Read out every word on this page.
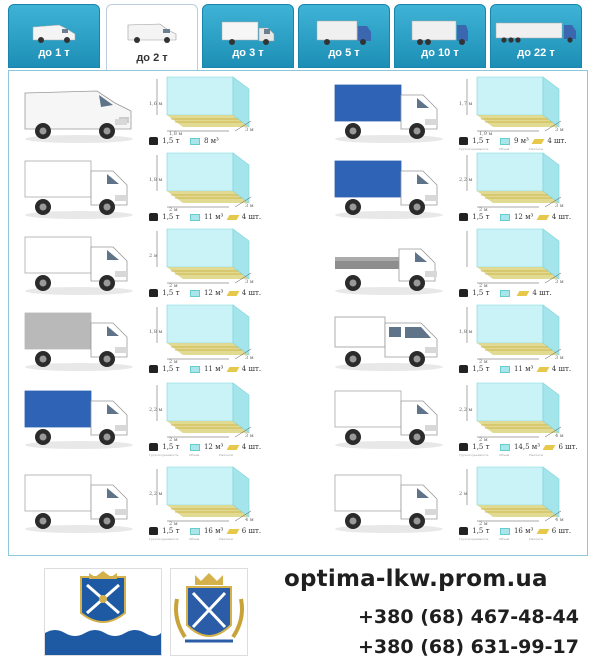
до 1 т	до 2 т	до 3 т	до 5 т	до 10 т	до 22 т
1,6 м
1,8 м
3 м
1,5 т	8 м³
1,7 м
1,9 м
3 м
1,5 т	9 м³	4 шт.
Грузоподъемность	Объем	Паллеты
1,8 м
2 м
3 м
1,5 т	11 м³	4 шт.
2,2 м
2 м
3 м
1,5 т	12 м³	4 шт.
2 м
2 м
3 м
1,5 т	12 м³	4 шт.
2 м
3 м
1,5 т	4 шт.
1,8 м
2 м
3 м
1,5 т	11 м³	4 шт.
1,8 м
2 м
3 м
1,5 т	11 м³	4 шт.
2,2 м
2 м
3 м
1,5 т	12 м³	4 шт.
Грузоподъемность	Объем	Паллеты
2,2 м
2 м
4 м
1,5 т	14,5 м³	6 шт.
Грузоподъемность	Объем	Паллеты
2,2 м
2 м
4 м
1,5 т	16 м³	6 шт.
Грузоподъемность	Объем	Паллеты
2 м
2 м
4 м
1,5 т	16 м³	6 шт.
Грузоподъемность	Объем	Паллеты
optima-lkw.prom.ua
+380 (68) 467-48-44
+380 (68) 631-99-17
